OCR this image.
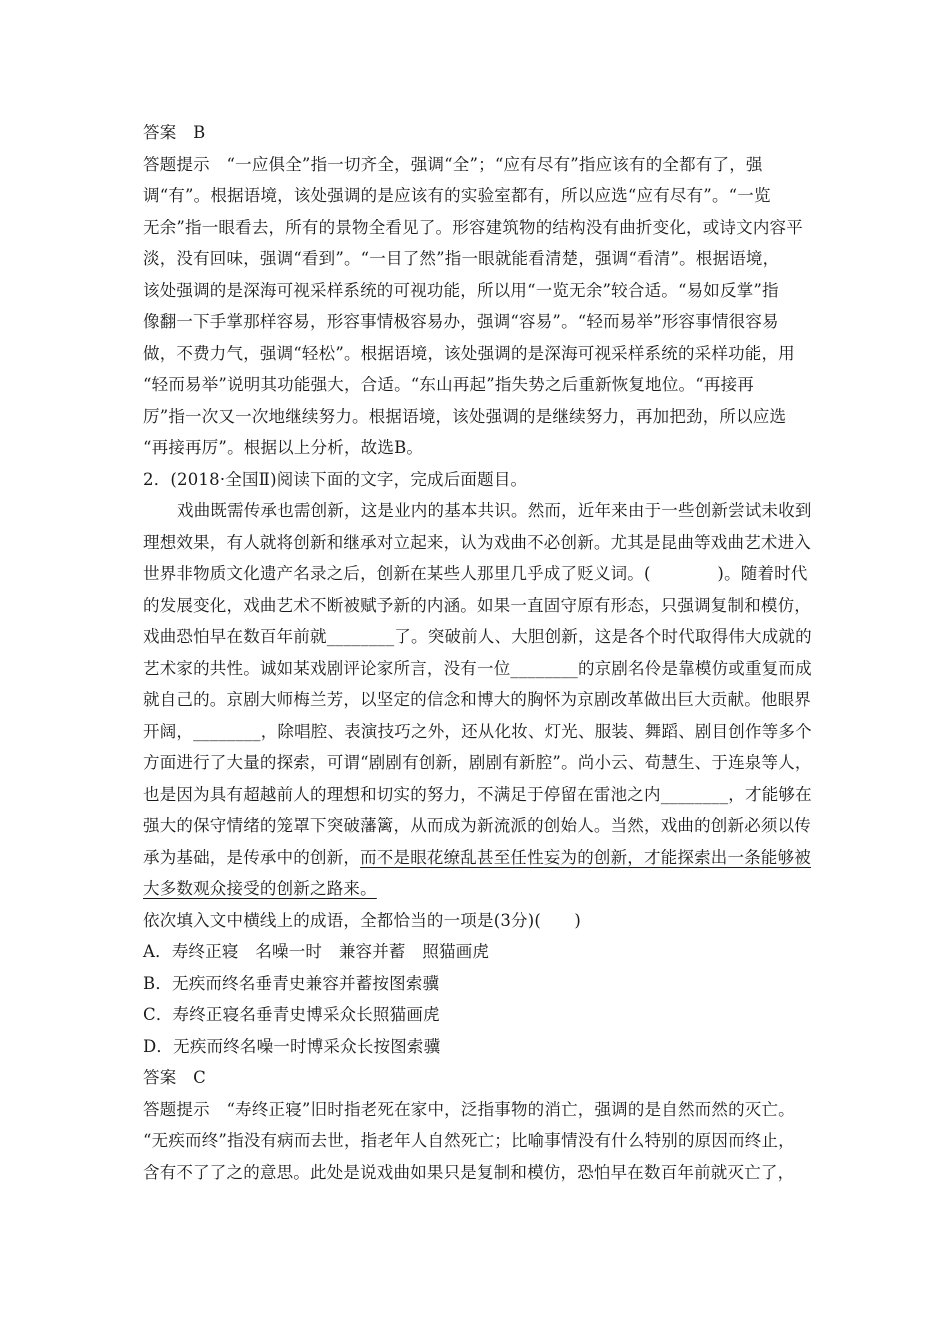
答案　B
答题提示　“一应俱全”指一切齐全，强调“全”；“应有尽有”指应该有的全都有了，强
调“有”。根据语境，该处强调的是应该有的实验室都有，所以应选“应有尽有”。“一览
无余”指一眼看去，所有的景物全看见了。形容建筑物的结构没有曲折变化，或诗文内容平
淡，没有回味，强调“看到”。“一目了然”指一眼就能看清楚，强调“看清”。根据语境，
该处强调的是深海可视采样系统的可视功能，所以用“一览无余”较合适。“易如反掌”指
像翻一下手掌那样容易，形容事情极容易办，强调“容易”。“轻而易举”形容事情很容易
做，不费力气，强调“轻松”。根据语境，该处强调的是深海可视采样系统的采样功能，用
“轻而易举”说明其功能强大，合适。“东山再起”指失势之后重新恢复地位。“再接再
厉”指一次又一次地继续努力。根据语境，该处强调的是继续努力，再加把劲，所以应选
“再接再厉”。根据以上分析，故选B。
2．(2018·全国Ⅱ)阅读下面的文字，完成后面题目。
戏曲既需传承也需创新，这是业内的基本共识。然而，近年来由于一些创新尝试未收到
理想效果，有人就将创新和继承对立起来，认为戏曲不必创新。尤其是昆曲等戏曲艺术进入
世界非物质文化遗产名录之后，创新在某些人那里几乎成了贬义词。(　　　　)。随着时代
的发展变化，戏曲艺术不断被赋予新的内涵。如果一直固守原有形态，只强调复制和模仿，
戏曲恐怕早在数百年前就________了。突破前人、大胆创新，这是各个时代取得伟大成就的
艺术家的共性。诚如某戏剧评论家所言，没有一位________的京剧名伶是靠模仿或重复而成
就自己的。京剧大师梅兰芳，以坚定的信念和博大的胸怀为京剧改革做出巨大贡献。他眼界
开阔，________，除唱腔、表演技巧之外，还从化妆、灯光、服装、舞蹈、剧目创作等多个
方面进行了大量的探索，可谓“剧剧有创新，剧剧有新腔”。尚小云、荀慧生、于连泉等人，
也是因为具有超越前人的理想和切实的努力，不满足于停留在雷池之内________，才能够在
强大的保守情绪的笼罩下突破藩篱，从而成为新流派的创始人。当然，戏曲的创新必须以传
承为基础，是传承中的创新，而不是眼花缭乱甚至任性妄为的创新，才能探索出一条能够被
大多数观众接受的创新之路来。
依次填入文中横线上的成语，全都恰当的一项是(3分)(　　)
A．寿终正寝　名噪一时　兼容并蓄　照猫画虎
B．无疾而终名垂青史兼容并蓄按图索骥
C．寿终正寝名垂青史博采众长照猫画虎
D．无疾而终名噪一时博采众长按图索骥
答案　C
答题提示　“寿终正寝”旧时指老死在家中，泛指事物的消亡，强调的是自然而然的灭亡。
“无疾而终”指没有病而去世，指老年人自然死亡；比喻事情没有什么特别的原因而终止，
含有不了了之的意思。此处是说戏曲如果只是复制和模仿，恐怕早在数百年前就灭亡了，
